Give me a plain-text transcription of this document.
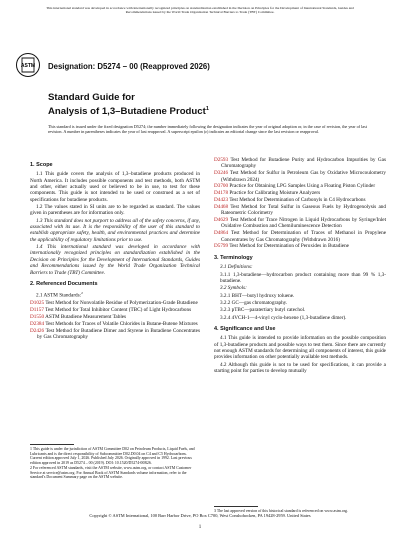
This international standard was developed in accordance with internationally recognized principles on standardization established in the Decision on Principles for the Development of International Standards, Guides and Recommendations issued by the World Trade Organization Technical Barriers to Trade (TBT) Committee.
ASTM Designation: D5274 − 00 (Reapproved 2026)
Standard Guide for
Analysis of 1,3–Butadiene Product$^1$
This standard is issued under the fixed designation D5274; the number immediately following the designation indicates the year of original adoption or, in the case of revision, the year of last revision. A number in parentheses indicates the year of last reapproval. A superscript epsilon (ε) indicates an editorial change since the last revision or reapproval.
1. Scope

1.1 This guide covers the analysis of 1,3–butadiene products produced in North America. It includes possible components and test methods, both ASTM and other, either actually used or believed to be in use, to test for these components. This guide is not intended to be used or construed as a set of specifications for butadiene products.

1.2 The values stated in SI units are to be regarded as standard. The values given in parentheses are for information only.

1.3 This standard does not purport to address all of the safety concerns, if any, associated with its use. It is the responsibility of the user of this standard to establish appropriate safety, health, and environmental practices and determine the applicability of regulatory limitations prior to use.

1.4 This international standard was developed in accordance with internationally recognized principles on standardization established in the Decision on Principles for the Development of International Standards, Guides and Recommendations issued by the World Trade Organization Technical Barriers to Trade (TBT) Committee.

2. Referenced Documents

2.1 ASTM Standards:$^2$

D1025 Test Method for Nonvolatile Residue of Polymerization-Grade Butadiene
D1157 Test Method for Total Inhibitor Content (TBC) of Light Hydrocarbons
D1550 ASTM Butadiene Measurement Tables
D2384 Test Methods for Traces of Volatile Chlorides in Butane-Butene Mixtures
D2426 Test Method for Butadiene Dimer and Styrene in Butadiene Concentrates by Gas Chromatography
1 This guide is under the jurisdiction of ASTM Committee D02 on Petroleum Products, Liquid Fuels, and Lubricants and is the direct responsibility of Subcommittee D02.D0.04 on C4 and C5 Hydrocarbons.
Current edition approved July 1, 2026. Published July 2026. Originally approved in 1992. Last previous edition approved in 2019 as D5274 – 00 (2019). DOI: 10.1520/D5274-00R26.
2 For referenced ASTM standards, visit the ASTM website, www.astm.org, or contact ASTM Customer Service at service@astm.org. For Annual Book of ASTM Standards volume information, refer to the standard's Document Summary page on the ASTM website.
D2593 Test Method for Butadiene Purity and Hydrocarbon Impurities by Gas Chromatography
D3246 Test Method for Sulfur in Petroleum Gas by Oxidative Microcoulometry (Withdrawn 2024)
D3700 Practice for Obtaining LPG Samples Using a Floating Piston Cylinder
D4178 Practice for Calibrating Moisture Analyzers
D4423 Test Method for Determination of Carbonyls in C4 Hydrocarbons
D4468 Test Method for Total Sulfur in Gaseous Fuels by Hydrogenolysis and Rateometric Colorimetry
D4629 Test Method for Trace Nitrogen in Liquid Hydrocarbons by Syringe/Inlet Oxidative Combustion and Chemiluminescence Detection
D4864 Test Method for Determination of Traces of Methanol in Propylene Concentrates by Gas Chromatography (Withdrawn 2016)
D5799 Test Method for Determination of Peroxides in Butadiene
3. Terminology

3.1 Definitions:

3.1.1 1,3-butadiene—hydrocarbon product containing more than 99 % 1,3-butadiene.

3.2 Symbols:

3.2.1 BHT—butyl hydroxy toluene.

3.2.2 GC—gas chromatography.

3.2.3 pTBC—paratertiary butyl catechol.

3.2.4 4VCH-1—4-vinyl cyclo-hexene (1,3-butadiene dimer).

4. Significance and Use

4.1 This guide is intended to provide information on the possible composition of 1,3-butadiene products and possible ways to test them. Since there are currently not enough ASTM standards for determining all components of interest, this guide provides information on other potentially available test methods.

4.2 Although this guide is not to be used for specifications, it can provide a starting point for parties to develop mutually

3 The last approved version of this historical standard is referenced on www.astm.org.
Copyright © ASTM International, 100 Barr Harbor Drive, PO Box C700, West Conshohocken, PA 19428-2959. United States
1
